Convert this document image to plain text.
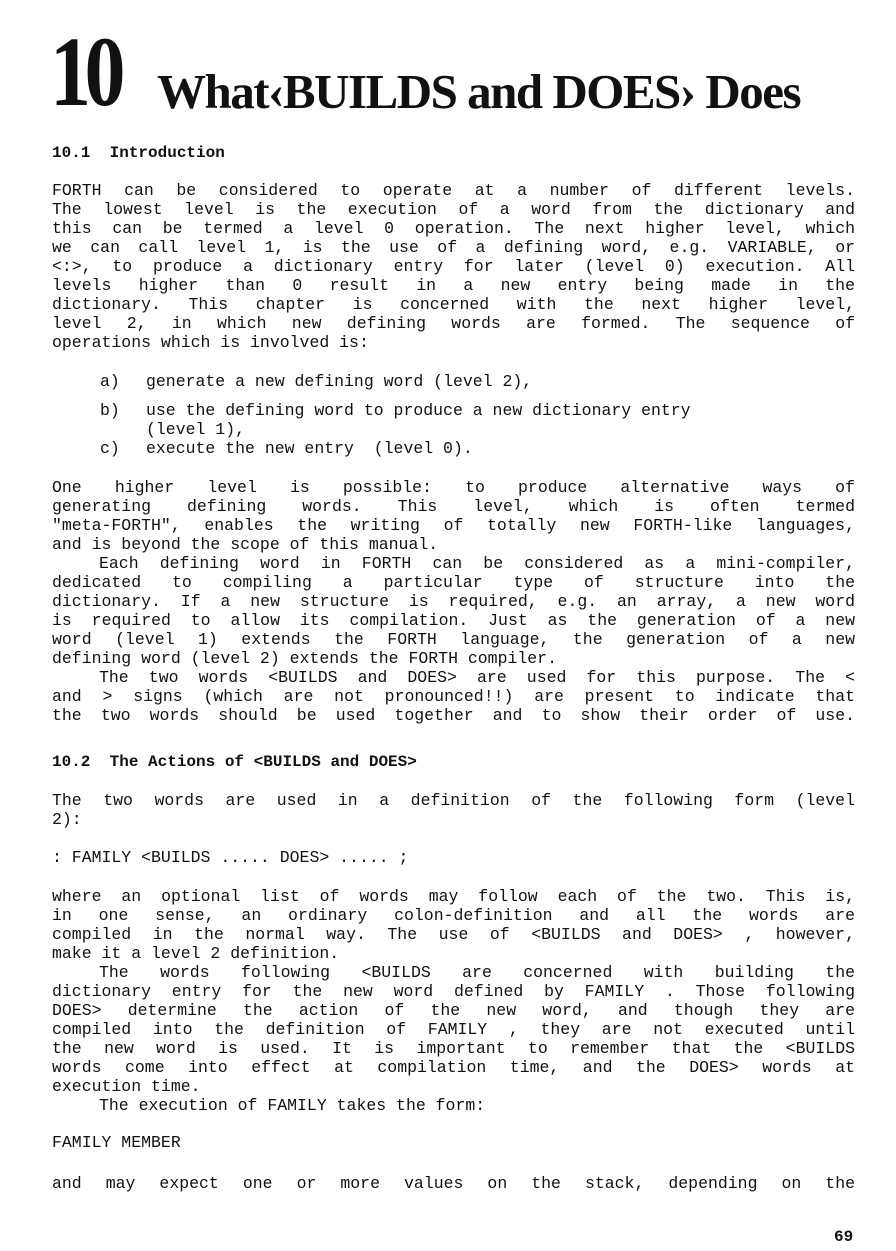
10 What‹BUILDS and DOES› Does
10.1  Introduction
FORTH can be considered to operate at a number of different levels.
The lowest level is the execution of a word from the dictionary and
this can be termed a level 0 operation. The next higher level, which
we can call level 1, is the use of a defining word, e.g. VARIABLE, or
<:>, to produce a dictionary entry for later (level 0) execution. All
levels higher than 0 result in a new entry being made in the
dictionary. This chapter is concerned with the next higher level,
level 2, in which new defining words are formed. The sequence of
operations which is involved is:
a) generate a new defining word (level 2),
b) use the defining word to produce a new dictionary entry
(level 1),
c) execute the new entry  (level 0).
One higher level is possible: to produce alternative ways of
generating defining words. This level, which is often termed
"meta-FORTH", enables the writing of totally new FORTH-like languages,
and is beyond the scope of this manual.
Each defining word in FORTH can be considered as a mini-compiler,
dedicated to compiling a particular type of structure into the
dictionary. If a new structure is required, e.g. an array, a new word
is required to allow its compilation. Just as the generation of a new
word (level 1) extends the FORTH language, the generation of a new
defining word (level 2) extends the FORTH compiler.
The two words <BUILDS and DOES> are used for this purpose. The <
and > signs (which are not pronounced!!) are present to indicate that
the two words should be used together and to show their order of use.
10.2  The Actions of <BUILDS and DOES>
The two words are used in a definition of the following form (level
2):
: FAMILY <BUILDS ..... DOES> ..... ;
where an optional list of words may follow each of the two. This is,
in one sense, an ordinary colon-definition and all the words are
compiled in the normal way. The use of <BUILDS and DOES> , however,
make it a level 2 definition.
The words following <BUILDS are concerned with building the
dictionary entry for the new word defined by FAMILY . Those following
DOES> determine the action of the new word, and though they are
compiled into the definition of FAMILY , they are not executed until
the new word is used. It is important to remember that the <BUILDS
words come into effect at compilation time, and the DOES> words at
execution time.
The execution of FAMILY takes the form:
FAMILY MEMBER
and may expect one or more values on the stack, depending on the
69
